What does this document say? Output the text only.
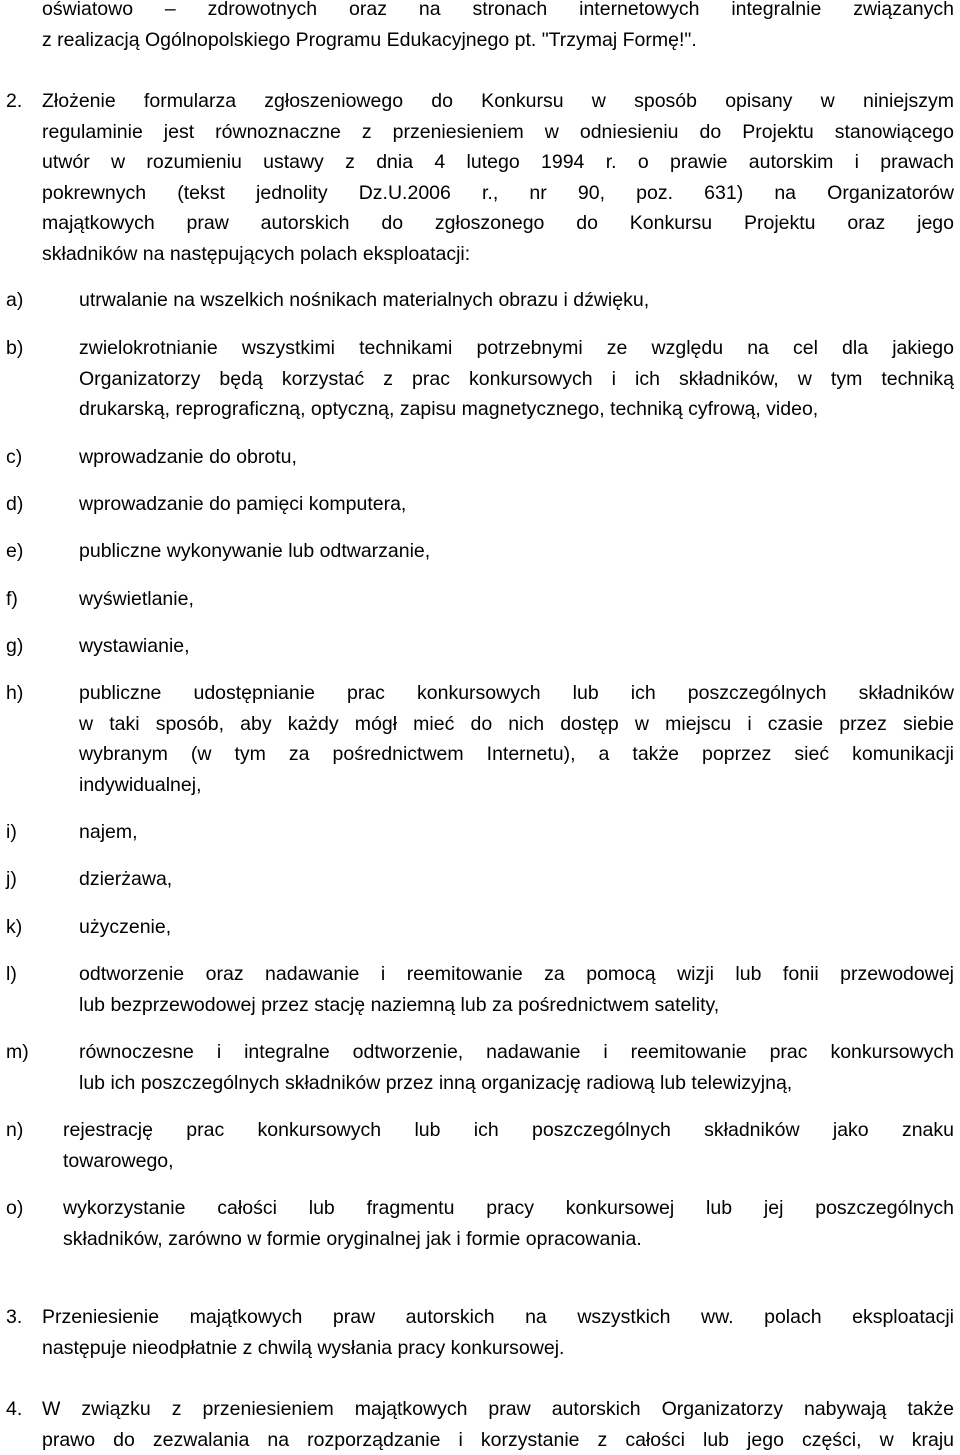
oświatowo – zdrowotnych oraz na stronach internetowych integralnie związanych
z realizacją Ogólnopolskiego Programu Edukacyjnego pt. "Trzymaj Formę!".
2. Złożenie formularza zgłoszeniowego do Konkursu w sposób opisany w niniejszym
regulaminie jest równoznaczne z przeniesieniem w odniesieniu do Projektu stanowiącego
utwór w rozumieniu ustawy z dnia 4 lutego 1994 r. o prawie autorskim i prawach
pokrewnych (tekst jednolity Dz.U.2006 r., nr 90, poz. 631) na Organizatorów
majątkowych praw autorskich do zgłoszonego do Konkursu Projektu oraz jego
składników na następujących polach eksploatacji:
a)	utrwalanie na wszelkich nośnikach materialnych obrazu i dźwięku,
b)	zwielokrotnianie wszystkimi technikami potrzebnymi ze względu na cel dla jakiego
Organizatorzy będą korzystać z prac konkursowych i ich składników, w tym techniką
drukarską, reprograficzną, optyczną, zapisu magnetycznego, techniką cyfrową, video,
c)	wprowadzanie do obrotu,
d)	wprowadzanie do pamięci komputera,
e)	publiczne wykonywanie lub odtwarzanie,
f)	wyświetlanie,
g)	wystawianie,
h)	publiczne udostępnianie prac konkursowych lub ich poszczególnych składników
w taki sposób, aby każdy mógł mieć do nich dostęp w miejscu i czasie przez siebie
wybranym (w tym za pośrednictwem Internetu), a także poprzez sieć komunikacji
indywidualnej,
i)	najem,
j)	dzierżawa,
k)	użyczenie,
l)	odtworzenie oraz nadawanie i reemitowanie za pomocą wizji lub fonii przewodowej
lub bezprzewodowej przez stację naziemną lub za pośrednictwem satelity,
m)	równoczesne i integralne odtworzenie, nadawanie i reemitowanie prac konkursowych
lub ich poszczególnych składników przez inną organizację radiową lub telewizyjną,
n) rejestrację prac konkursowych lub ich poszczególnych składników jako znaku
towarowego,
o) wykorzystanie całości lub fragmentu pracy konkursowej lub jej poszczególnych
składników, zarówno w formie oryginalnej jak i formie opracowania.
3. Przeniesienie majątkowych praw autorskich na wszystkich ww. polach eksploatacji
następuje nieodpłatnie z chwilą wysłania pracy konkursowej.
4. W związku z przeniesieniem majątkowych praw autorskich Organizatorzy nabywają także
prawo do zezwalania na rozporządzanie i korzystanie z całości lub jego części, w kraju
